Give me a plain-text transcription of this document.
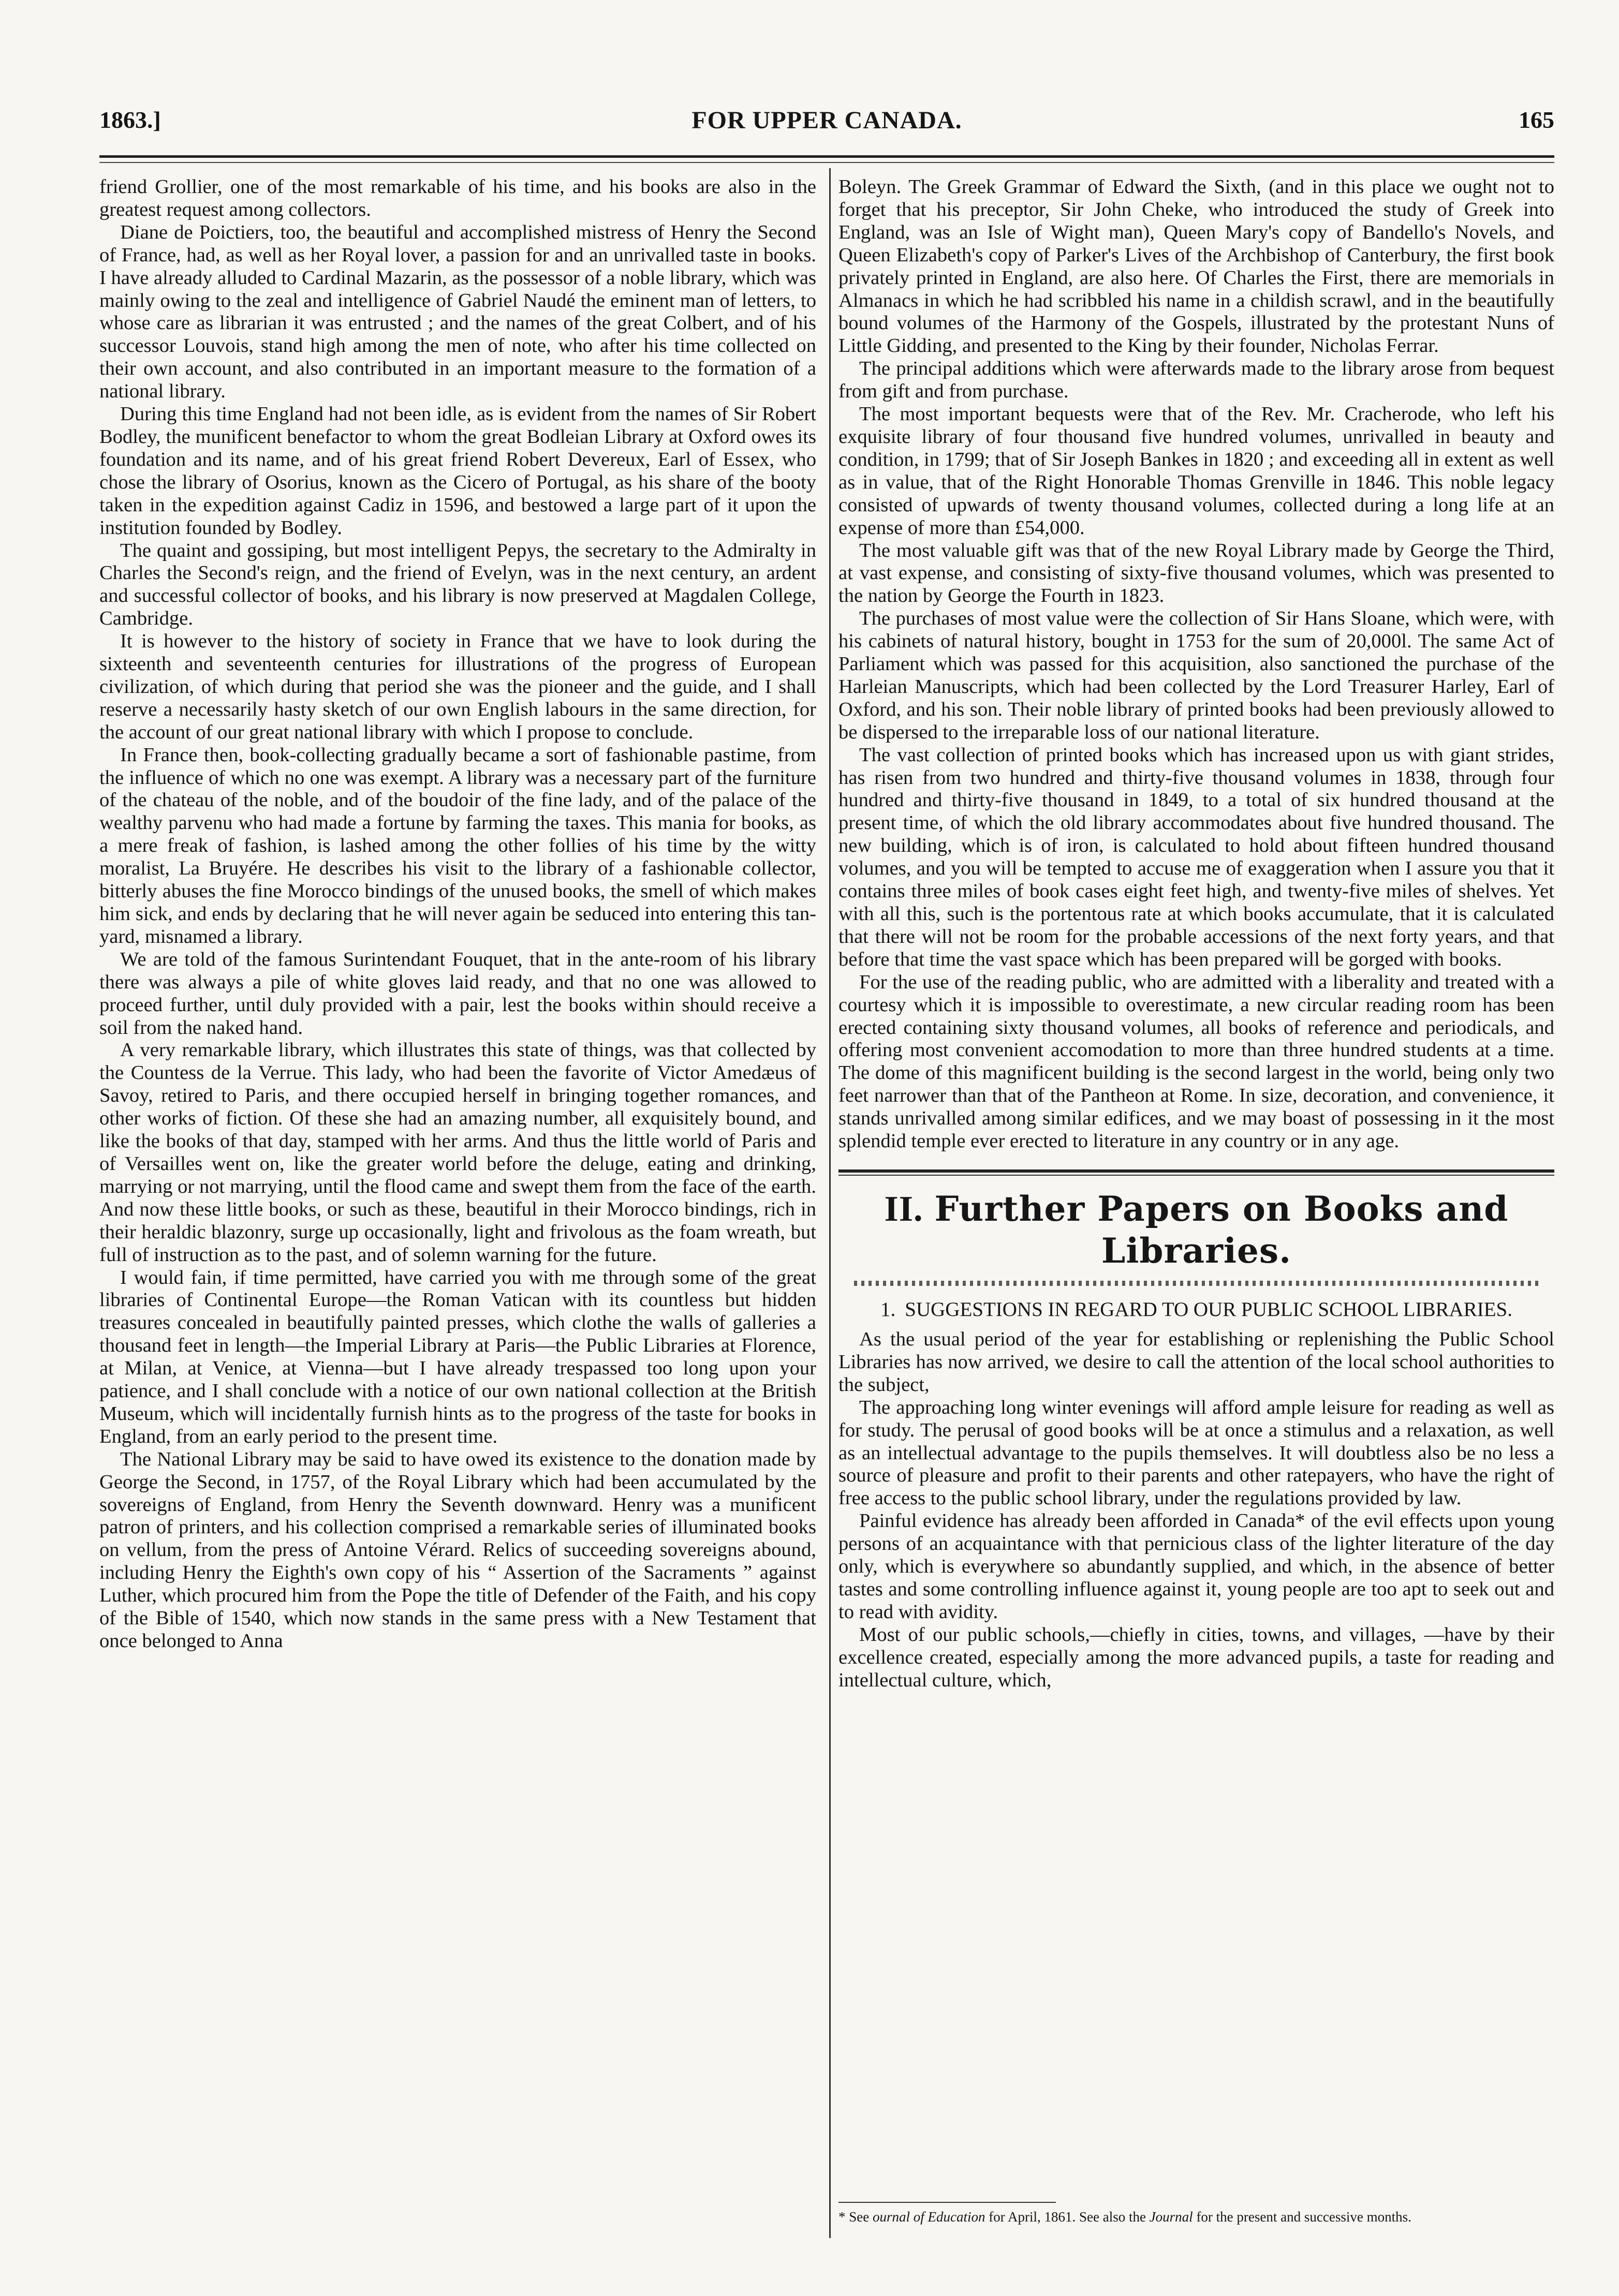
1863.]	FOR UPPER CANADA.	165

friend Grollier, one of the most remarkable of his time, and his books are also in the greatest request among collectors.

Diane de Poictiers, too, the beautiful and accomplished mistress of Henry the Second of France, had, as well as her Royal lover, a passion for and an unrivalled taste in books. I have already alluded to Cardinal Mazarin, as the possessor of a noble library, which was mainly owing to the zeal and intelligence of Gabriel Naudé the eminent man of letters, to whose care as librarian it was entrusted ; and the names of the great Colbert, and of his successor Louvois, stand high among the men of note, who after his time collected on their own account, and also contributed in an important measure to the formation of a national library.

During this time England had not been idle, as is evident from the names of Sir Robert Bodley, the munificent benefactor to whom the great Bodleian Library at Oxford owes its foundation and its name, and of his great friend Robert Devereux, Earl of Essex, who chose the library of Osorius, known as the Cicero of Portugal, as his share of the booty taken in the expedition against Cadiz in 1596, and bestowed a large part of it upon the institution founded by Bodley.

The quaint and gossiping, but most intelligent Pepys, the secretary to the Admiralty in Charles the Second's reign, and the friend of Evelyn, was in the next century, an ardent and successful collector of books, and his library is now preserved at Magdalen College, Cambridge.

It is however to the history of society in France that we have to look during the sixteenth and seventeenth centuries for illustrations of the progress of European civilization, of which during that period she was the pioneer and the guide, and I shall reserve a necessarily hasty sketch of our own English labours in the same direction, for the account of our great national library with which I propose to conclude.

In France then, book-collecting gradually became a sort of fashionable pastime, from the influence of which no one was exempt. A library was a necessary part of the furniture of the chateau of the noble, and of the boudoir of the fine lady, and of the palace of the wealthy parvenu who had made a fortune by farming the taxes. This mania for books, as a mere freak of fashion, is lashed among the other follies of his time by the witty moralist, La Bruyére. He describes his visit to the library of a fashionable collector, bitterly abuses the fine Morocco bindings of the unused books, the smell of which makes him sick, and ends by declaring that he will never again be seduced into entering this tan-yard, misnamed a library.

We are told of the famous Surintendant Fouquet, that in the ante-room of his library there was always a pile of white gloves laid ready, and that no one was allowed to proceed further, until duly provided with a pair, lest the books within should receive a soil from the naked hand.

A very remarkable library, which illustrates this state of things, was that collected by the Countess de la Verrue. This lady, who had been the favorite of Victor Amedæus of Savoy, retired to Paris, and there occupied herself in bringing together romances, and other works of fiction. Of these she had an amazing number, all exquisitely bound, and like the books of that day, stamped with her arms. And thus the little world of Paris and of Versailles went on, like the greater world before the deluge, eating and drinking, marrying or not marrying, until the flood came and swept them from the face of the earth. And now these little books, or such as these, beautiful in their Morocco bindings, rich in their heraldic blazonry, surge up occasionally, light and frivolous as the foam wreath, but full of instruction as to the past, and of solemn warning for the future.

I would fain, if time permitted, have carried you with me through some of the great libraries of Continental Europe—the Roman Vatican with its countless but hidden treasures concealed in beautifully painted presses, which clothe the walls of galleries a thousand feet in length—the Imperial Library at Paris—the Public Libraries at Florence, at Milan, at Venice, at Vienna—but I have already trespassed too long upon your patience, and I shall conclude with a notice of our own national collection at the British Museum, which will incidentally furnish hints as to the progress of the taste for books in England, from an early period to the present time.

The National Library may be said to have owed its existence to the donation made by George the Second, in 1757, of the Royal Library which had been accumulated by the sovereigns of England, from Henry the Seventh downward. Henry was a munificent patron of printers, and his collection comprised a remarkable series of illuminated books on vellum, from the press of Antoine Vérard. Relics of succeeding sovereigns abound, including Henry the Eighth's own copy of his “ Assertion of the Sacraments ” against Luther, which procured him from the Pope the title of Defender of the Faith, and his copy of the Bible of 1540, which now stands in the same press with a New Testament that once belonged to Anna

Boleyn. The Greek Grammar of Edward the Sixth, (and in this place we ought not to forget that his preceptor, Sir John Cheke, who introduced the study of Greek into England, was an Isle of Wight man), Queen Mary's copy of Bandello's Novels, and Queen Elizabeth's copy of Parker's Lives of the Archbishop of Canterbury, the first book privately printed in England, are also here. Of Charles the First, there are memorials in Almanacs in which he had scribbled his name in a childish scrawl, and in the beautifully bound volumes of the Harmony of the Gospels, illustrated by the protestant Nuns of Little Gidding, and presented to the King by their founder, Nicholas Ferrar.

The principal additions which were afterwards made to the library arose from bequest from gift and from purchase.

The most important bequests were that of the Rev. Mr. Cracherode, who left his exquisite library of four thousand five hundred volumes, unrivalled in beauty and condition, in 1799; that of Sir Joseph Bankes in 1820 ; and exceeding all in extent as well as in value, that of the Right Honorable Thomas Grenville in 1846. This noble legacy consisted of upwards of twenty thousand volumes, collected during a long life at an expense of more than £54,000.

The most valuable gift was that of the new Royal Library made by George the Third, at vast expense, and consisting of sixty-five thousand volumes, which was presented to the nation by George the Fourth in 1823.

The purchases of most value were the collection of Sir Hans Sloane, which were, with his cabinets of natural history, bought in 1753 for the sum of 20,000l. The same Act of Parliament which was passed for this acquisition, also sanctioned the purchase of the Harleian Manuscripts, which had been collected by the Lord Treasurer Harley, Earl of Oxford, and his son. Their noble library of printed books had been previously allowed to be dispersed to the irreparable loss of our national literature.

The vast collection of printed books which has increased upon us with giant strides, has risen from two hundred and thirty-five thousand volumes in 1838, through four hundred and thirty-five thousand in 1849, to a total of six hundred thousand at the present time, of which the old library accommodates about five hundred thousand. The new building, which is of iron, is calculated to hold about fifteen hundred thousand volumes, and you will be tempted to accuse me of exaggeration when I assure you that it contains three miles of book cases eight feet high, and twenty-five miles of shelves. Yet with all this, such is the portentous rate at which books accumulate, that it is calculated that there will not be room for the probable accessions of the next forty years, and that before that time the vast space which has been prepared will be gorged with books.

For the use of the reading public, who are admitted with a liberality and treated with a courtesy which it is impossible to overestimate, a new circular reading room has been erected containing sixty thousand volumes, all books of reference and periodicals, and offering most convenient accomodation to more than three hundred students at a time. The dome of this magnificent building is the second largest in the world, being only two feet narrower than that of the Pantheon at Rome. In size, decoration, and convenience, it stands unrivalled among similar edifices, and we may boast of possessing in it the most splendid temple ever erected to literature in any country or in any age.

II. Further Papers on Books and Libraries.
1. SUGGESTIONS IN REGARD TO OUR PUBLIC SCHOOL LIBRARIES.

As the usual period of the year for establishing or replenishing the Public School Libraries has now arrived, we desire to call the attention of the local school authorities to the subject,

The approaching long winter evenings will afford ample leisure for reading as well as for study. The perusal of good books will be at once a stimulus and a relaxation, as well as an intellectual advantage to the pupils themselves. It will doubtless also be no less a source of pleasure and profit to their parents and other ratepayers, who have the right of free access to the public school library, under the regulations provided by law.

Painful evidence has already been afforded in Canada* of the evil effects upon young persons of an acquaintance with that pernicious class of the lighter literature of the day only, which is everywhere so abundantly supplied, and which, in the absence of better tastes and some controlling influence against it, young people are too apt to seek out and to read with avidity.

Most of our public schools,—chiefly in cities, towns, and villages, —have by their excellence created, especially among the more advanced pupils, a taste for reading and intellectual culture, which,

* See ournal of Education for April, 1861. See also the Journal for the present and successive months.
